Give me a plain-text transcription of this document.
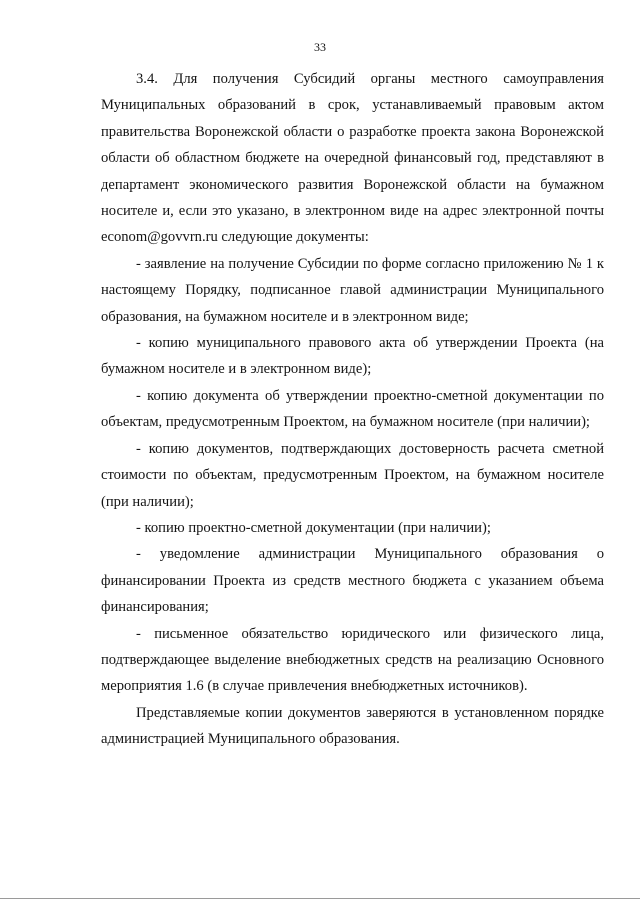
33

3.4. Для получения Субсидий органы местного самоуправления Муниципальных образований в срок, устанавливаемый правовым актом правительства Воронежской области о разработке проекта закона Воронежской области об областном бюджете на очередной финансовый год, представляют в департамент экономического развития Воронежской области на бумажном носителе и, если это указано, в электронном виде на адрес электронной почты econom@govvrn.ru следующие документы:

- заявление на получение Субсидии по форме согласно приложению № 1 к настоящему Порядку, подписанное главой администрации Муниципального образования, на бумажном носителе и в электронном виде;

- копию муниципального правового акта об утверждении Проекта (на бумажном носителе и в электронном виде);

- копию документа об утверждении проектно-сметной документации по объектам, предусмотренным Проектом, на бумажном носителе (при наличии);

- копию документов, подтверждающих достоверность расчета сметной стоимости по объектам, предусмотренным Проектом, на бумажном носителе (при наличии);

- копию проектно-сметной документации (при наличии);

- уведомление администрации Муниципального образования о финансировании Проекта из средств местного бюджета с указанием объема финансирования;

- письменное обязательство юридического или физического лица, подтверждающее выделение внебюджетных средств на реализацию Основного мероприятия 1.6 (в случае привлечения внебюджетных источников).

Представляемые копии документов заверяются в установленном порядке администрацией Муниципального образования.
